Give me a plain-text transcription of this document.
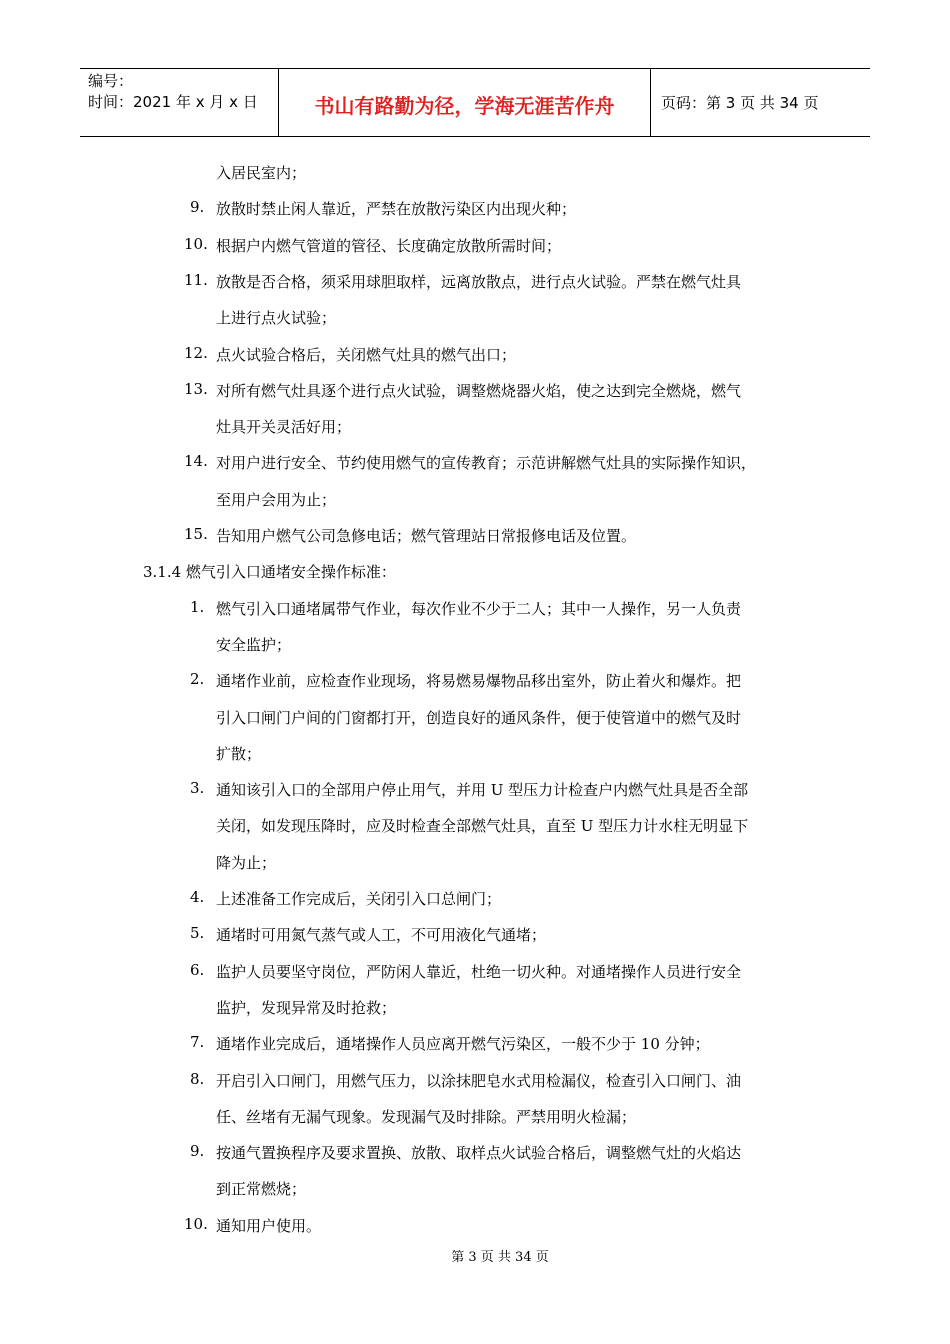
编号：
时间：2021 年 x 月 x 日	书山有路勤为径，学海无涯苦作舟	页码：第 3 页 共 34 页
入居民室内；
9. 放散时禁止闲人靠近，严禁在放散污染区内出现火种；
10. 根据户内燃气管道的管径、长度确定放散所需时间；
11. 放散是否合格，须采用球胆取样，远离放散点，进行点火试验。严禁在燃气灶具
上进行点火试验；
12. 点火试验合格后，关闭燃气灶具的燃气出口；
13. 对所有燃气灶具逐个进行点火试验，调整燃烧器火焰，使之达到完全燃烧，燃气
灶具开关灵活好用；
14. 对用户进行安全、节约使用燃气的宣传教育；示范讲解燃气灶具的实际操作知识，
至用户会用为止；
15. 告知用户燃气公司急修电话；燃气管理站日常报修电话及位置。
3.1.4 燃气引入口通堵安全操作标准：
1. 燃气引入口通堵属带气作业，每次作业不少于二人；其中一人操作，另一人负责
安全监护；
2. 通堵作业前，应检查作业现场，将易燃易爆物品移出室外，防止着火和爆炸。把
引入口闸门户间的门窗都打开，创造良好的通风条件，便于使管道中的燃气及时
扩散；
3. 通知该引入口的全部用户停止用气，并用 U 型压力计检查户内燃气灶具是否全部
关闭，如发现压降时，应及时检查全部燃气灶具，直至 U 型压力计水柱无明显下
降为止；
4. 上述准备工作完成后，关闭引入口总闸门；
5. 通堵时可用氮气蒸气或人工，不可用液化气通堵；
6. 监护人员要坚守岗位，严防闲人靠近，杜绝一切火种。对通堵操作人员进行安全
监护，发现异常及时抢救；
7. 通堵作业完成后，通堵操作人员应离开燃气污染区，一般不少于 10 分钟；
8. 开启引入口闸门，用燃气压力，以涂抹肥皂水式用检漏仪，检查引入口闸门、油
任、丝堵有无漏气现象。发现漏气及时排除。严禁用明火检漏；
9. 按通气置换程序及要求置换、放散、取样点火试验合格后，调整燃气灶的火焰达
到正常燃烧；
10. 通知用户使用。
第 3 页 共 34 页
